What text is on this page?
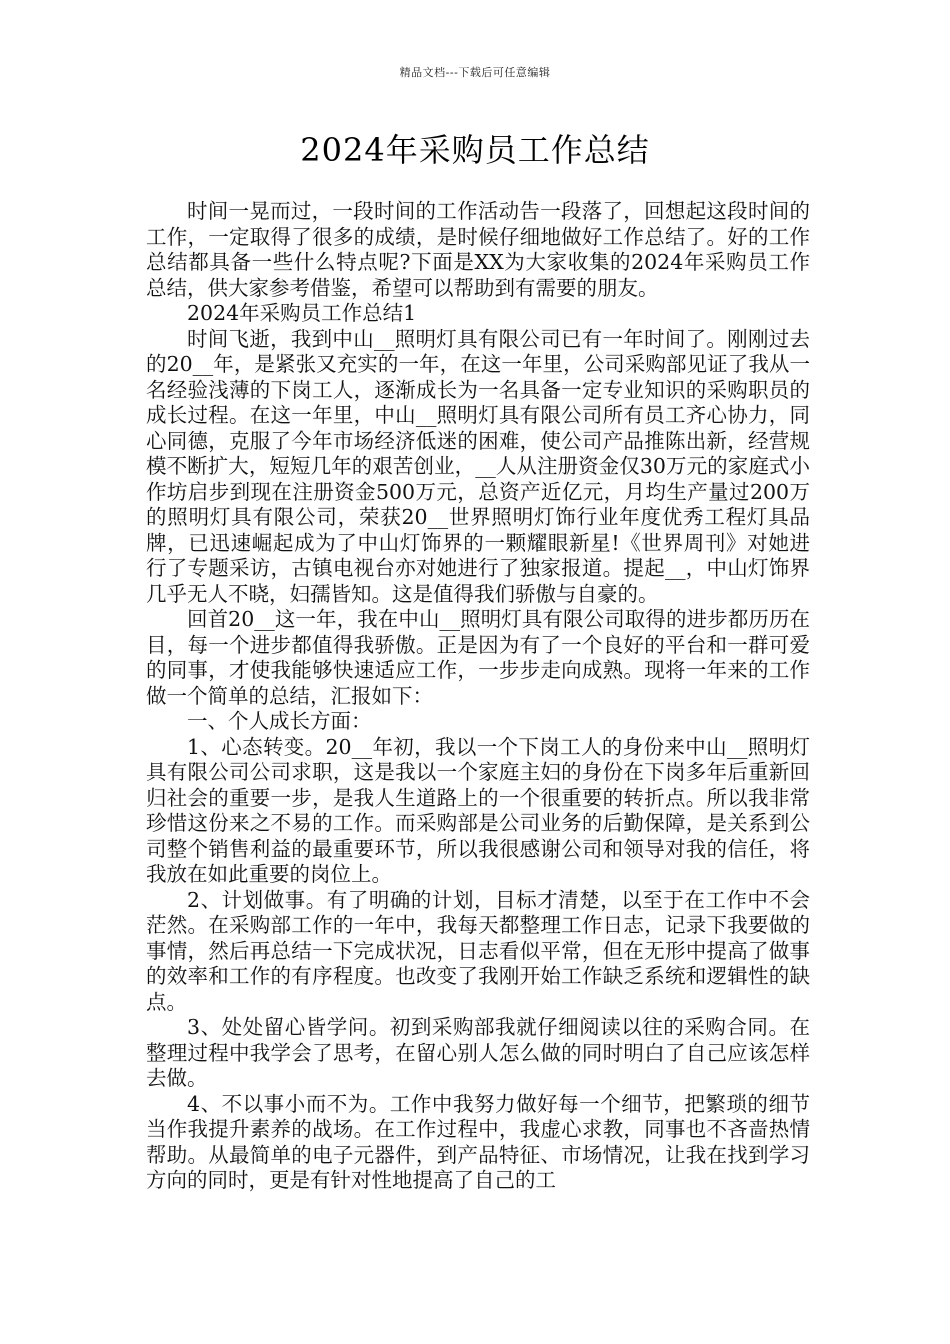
精品文档---下载后可任意编辑
2024年采购员工作总结

时间一晃而过，一段时间的工作活动告一段落了，回想起这段时间的工作，一定取得了很多的成绩，是时候仔细地做好工作总结了。好的工作总结都具备一些什么特点呢?下面是XX为大家收集的2024年采购员工作总结，供大家参考借鉴，希望可以帮助到有需要的朋友。

2024年采购员工作总结1

时间飞逝，我到中山__照明灯具有限公司已有一年时间了。刚刚过去的20__年，是紧张又充实的一年，在这一年里，公司采购部见证了我从一名经验浅薄的下岗工人，逐渐成长为一名具备一定专业知识的采购职员的成长过程。在这一年里，中山__照明灯具有限公司所有员工齐心协力，同心同德，克服了今年市场经济低迷的困难，使公司产品推陈出新，经营规模不断扩大，短短几年的艰苦创业，__人从注册资金仅30万元的家庭式小作坊启步到现在注册资金500万元，总资产近亿元，月均生产量过200万的照明灯具有限公司，荣获20__世界照明灯饰行业年度优秀工程灯具品牌，已迅速崛起成为了中山灯饰界的一颗耀眼新星!《世界周刊》对她进行了专题采访，古镇电视台亦对她进行了独家报道。提起__，中山灯饰界几乎无人不晓，妇孺皆知。这是值得我们骄傲与自豪的。

回首20__这一年，我在中山__照明灯具有限公司取得的进步都历历在目，每一个进步都值得我骄傲。正是因为有了一个良好的平台和一群可爱的同事，才使我能够快速适应工作，一步步走向成熟。现将一年来的工作做一个简单的总结，汇报如下：

一、个人成长方面：

1、心态转变。20__年初，我以一个下岗工人的身份来中山__照明灯具有限公司公司求职，这是我以一个家庭主妇的身份在下岗多年后重新回归社会的重要一步，是我人生道路上的一个很重要的转折点。所以我非常珍惜这份来之不易的工作。而采购部是公司业务的后勤保障，是关系到公司整个销售利益的最重要环节，所以我很感谢公司和领导对我的信任，将我放在如此重要的岗位上。

2、计划做事。有了明确的计划，目标才清楚，以至于在工作中不会茫然。在采购部工作的一年中，我每天都整理工作日志，记录下我要做的事情，然后再总结一下完成状况，日志看似平常，但在无形中提高了做事的效率和工作的有序程度。也改变了我刚开始工作缺乏系统和逻辑性的缺点。

3、处处留心皆学问。初到采购部我就仔细阅读以往的采购合同。在整理过程中我学会了思考，在留心别人怎么做的同时明白了自己应该怎样去做。

4、不以事小而不为。工作中我努力做好每一个细节，把繁琐的细节当作我提升素养的战场。在工作过程中，我虚心求教，同事也不吝啬热情帮助。从最简单的电子元器件，到产品特征、市场情况，让我在找到学习方向的同时，更是有针对性地提高了自己的工
